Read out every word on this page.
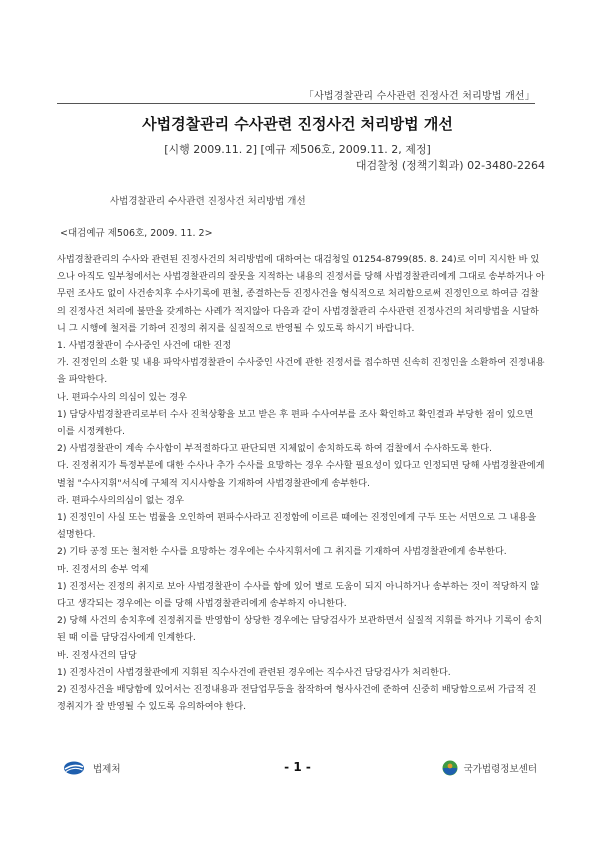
「사법경찰관리 수사관련 진정사건 처리방법 개선」
사법경찰관리 수사관련 진정사건 처리방법 개선
[시행 2009.11. 2] [예규 제506호, 2009.11. 2, 제정]
대검찰청 (정책기획과) 02-3480-2264
사법경찰관리 수사관련 진정사건 처리방법 개선
<대검예규 제506호, 2009. 11. 2>

사법경찰관리의 수사와 관련된 진정사건의 처리방법에 대하여는 대검청일 01254-8799(85. 8. 24)로 이미 지시한 바 있으나 아직도 일부청에서는 사법경찰관리의 잘못을 지적하는 내용의 진정서를 당해 사법경찰관리에게 그대로 송부하거나 아무런 조사도 없이 사건송치후 수사기록에 편철, 종결하는등 진정사건을 형식적으로 처리함으로써 진정인으로 하여금 검찰의 진정사건 처리에 불만을 갖게하는 사례가 적지않아 다음과 같이 사법경찰관리 수사관련 진정사건의 처리방법을 시달하니 그 시행에 철저를 기하여 진정의 취지를 실질적으로 반영될 수 있도록 하시기 바랍니다.

1. 사법경찰관이 수사중인 사건에 대한 진정

가. 진정인의 소환 및 내용 파악사법경찰관이 수사중인 사건에 관한 진정서를 접수하면 신속히 진정인을 소환하여 진정내용을 파악한다.

나. 편파수사의 의심이 있는 경우

1) 담당사법경찰관리로부터 수사 진척상황을 보고 받은 후 편파 수사여부를 조사 확인하고 확인결과 부당한 점이 있으면 이를 시정케한다.

2) 사법경찰관이 계속 수사함이 부적절하다고 판단되면 지체없이 송치하도록 하여 검찰에서 수사하도록 한다.

다. 진정취지가 특정부분에 대한 수사나 추가 수사를 요망하는 경우 수사할 필요성이 있다고 인정되면 당해 사법경찰관에게 별첨 "수사지휘"서식에 구체적 지시사항을 기재하여 사법경찰관에게 송부한다.

라. 편파수사의의심이 없는 경우

1) 진정인이 사실 또는 법률을 오인하여 편파수사라고 진정함에 이르른 때에는 진정인에게 구두 또는 서면으로 그 내용을 설명한다.

2) 기타 공정 또는 철저한 수사를 요망하는 경우에는 수사지휘서에 그 취지를 기재하여 사법경찰관에게 송부한다.

마. 진정서의 송부 억제

1) 진정서는 진정의 취지로 보아 사법경찰관이 수사를 함에 있어 별로 도움이 되지 아니하거나 송부하는 것이 적당하지 않다고 생각되는 경우에는 이를 당해 사법경찰관리에게 송부하지 아니한다.

2) 당해 사건의 송치후에 진정취지를 반영함이 상당한 경우에는 담당검사가 보관하면서 실질적 지휘를 하거나 기록이 송치된 때 이를 담당검사에게 인계한다.

바. 진정사건의 담당

1) 진정사건이 사법경찰관에게 지휘된 직수사건에 관련된 경우에는 직수사건 담당검사가 처리한다.

2) 진정사건을 배당함에 있어서는 진정내용과 전담업무등을 참작하여 형사사건에 준하여 신중히 배당함으로써 가급적 진정취지가 잘 반영될 수 있도록 유의하여야 한다.

법제처	- 1 -	국가법령정보센터
